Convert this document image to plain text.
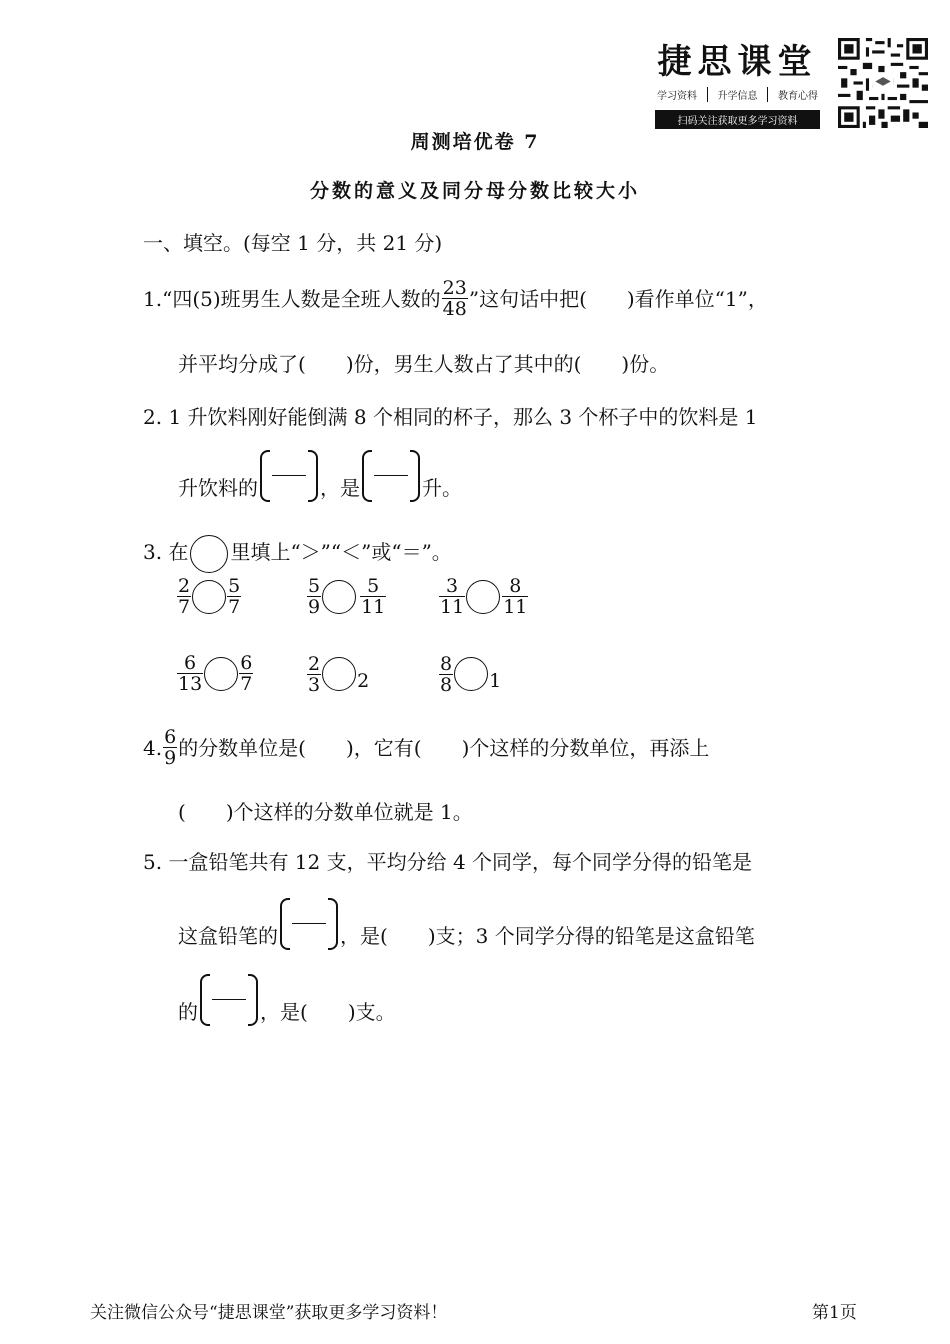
捷思课堂
学习资料 升学信息 教育心得
扫码关注获取更多学习资料
周测培优卷 7
分数的意义及同分母分数比较大小
一、填空。(每空 1 分，共 21 分)
1. “四(5)班男生人数是全班人数的 $\frac{23}{48}$ ”这句话中把( )看作单位“1”，
并平均分成了( )份，男生人数占了其中的( )份。
2. 1 升饮料刚好能倒满 8 个相同的杯子，那么 3 个杯子中的饮料是 1
升饮料的	，是	升。
3. 在 里填上“＞”“＜”或“＝”。
$\frac{2}{7} \frac{5}{7}$	$\frac{5}{9} \frac{5}{11}$	$\frac{3}{11} \frac{8}{11}$
$\frac{6}{13} \frac{6}{7}$	$\frac{2}{3} 2$	$\frac{8}{8} 1$
4. $\frac{6}{9}$ 的分数单位是( )，它有( )个这样的分数单位，再添上
( )个这样的分数单位就是 1。
5. 一盒铅笔共有 12 支，平均分给 4 个同学，每个同学分得的铅笔是
这盒铅笔的	，是( )支；3 个同学分得的铅笔是这盒铅笔
的	，是( )支。
关注微信公众号“捷思课堂”获取更多学习资料！	第1页
